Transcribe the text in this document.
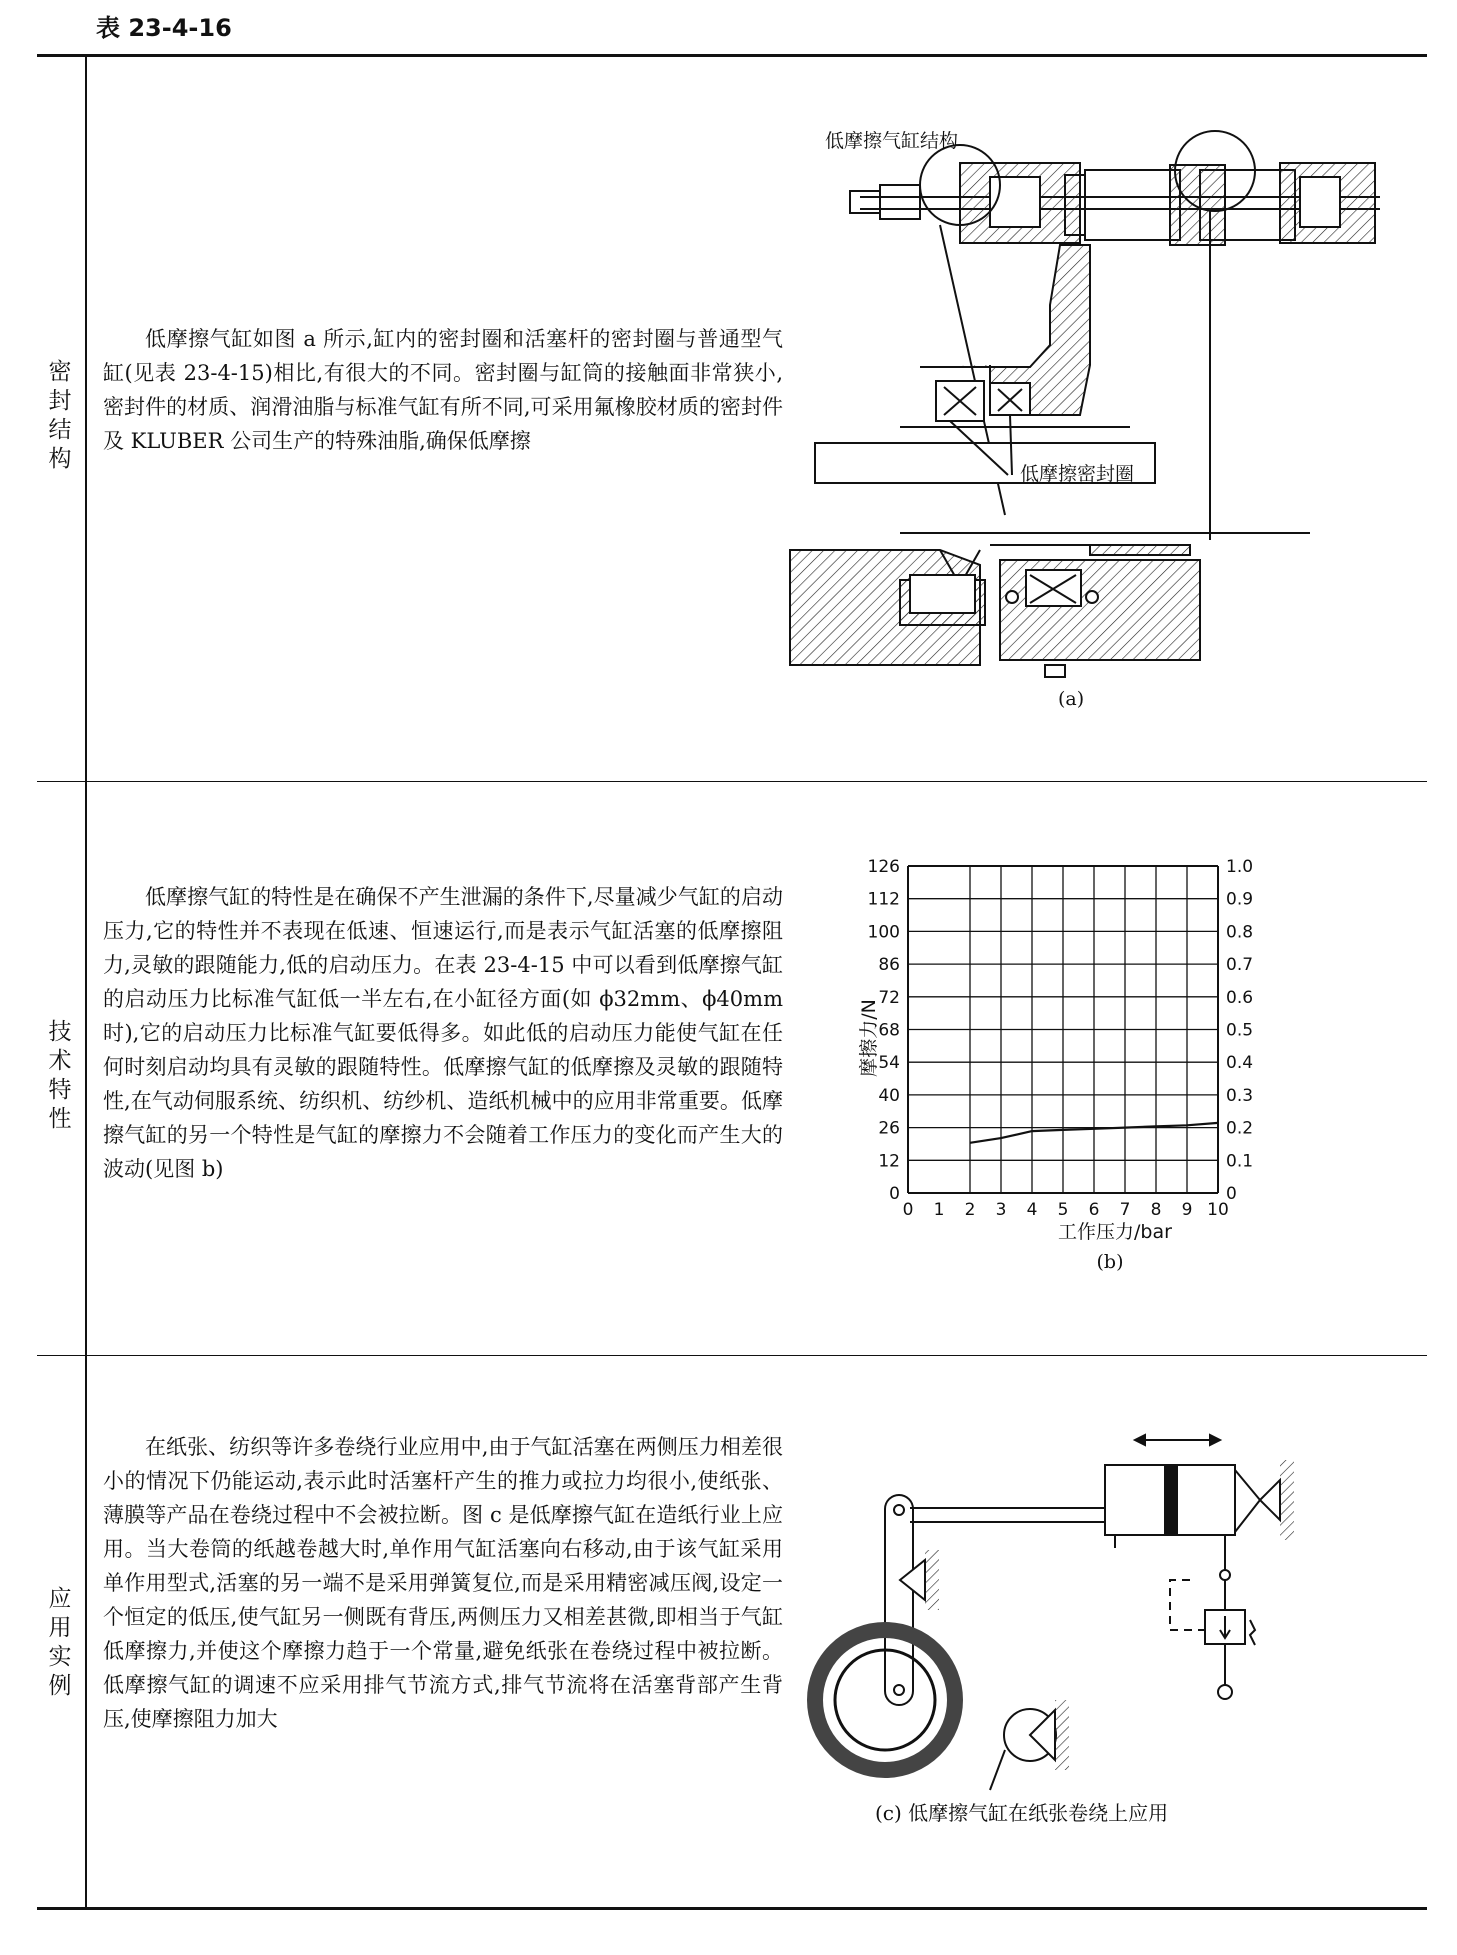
表 23-4-16
密
封
结
构

低摩擦气缸如图 a 所示,缸内的密封圈和活塞杆的密封圈与普通型气缸(见表 23-4-15)相比,有很大的不同。密封圈与缸筒的接触面非常狭小,密封件的材质、润滑油脂与标准气缸有所不同,可采用氟橡胶材质的密封件及 KLUBER 公司生产的特殊油脂,确保低摩擦

低摩擦气缸结构
低摩擦密封圈
(a)
技
术
特
性

低摩擦气缸的特性是在确保不产生泄漏的条件下,尽量减少气缸的启动压力,它的特性并不表现在低速、恒速运行,而是表示气缸活塞的低摩擦阻力,灵敏的跟随能力,低的启动压力。在表 23-4-15 中可以看到低摩擦气缸的启动压力比标准气缸低一半左右,在小缸径方面(如 ϕ32mm、ϕ40mm 时),它的启动压力比标准气缸要低得多。如此低的启动压力能使气缸在任何时刻启动均具有灵敏的跟随特性。低摩擦气缸的低摩擦及灵敏的跟随特性,在气动伺服系统、纺织机、纺纱机、造纸机械中的应用非常重要。低摩擦气缸的另一个特性是气缸的摩擦力不会随着工作压力的变化而产生大的波动(见图 b)

0
12
26
40
54
68
72
86
100
112
126
0
0.1
0.2
0.3
0.4
0.5
0.6
0.7
0.8
0.9
1.0
0 1 2 3 4 5 6 7 8 9 10
工作压力/bar
摩擦力/N
(b)
应
用
实
例

在纸张、纺织等许多卷绕行业应用中,由于气缸活塞在两侧压力相差很小的情况下仍能运动,表示此时活塞杆产生的推力或拉力均很小,使纸张、薄膜等产品在卷绕过程中不会被拉断。图 c 是低摩擦气缸在造纸行业上应用。当大卷筒的纸越卷越大时,单作用气缸活塞向右移动,由于该气缸采用单作用型式,活塞的另一端不是采用弹簧复位,而是采用精密减压阀,设定一个恒定的低压,使气缸另一侧既有背压,两侧压力又相差甚微,即相当于气缸低摩擦力,并使这个摩擦力趋于一个常量,避免纸张在卷绕过程中被拉断。低摩擦气缸的调速不应采用排气节流方式,排气节流将在活塞背部产生背压,使摩擦阻力加大

(c) 低摩擦气缸在纸张卷绕上应用
